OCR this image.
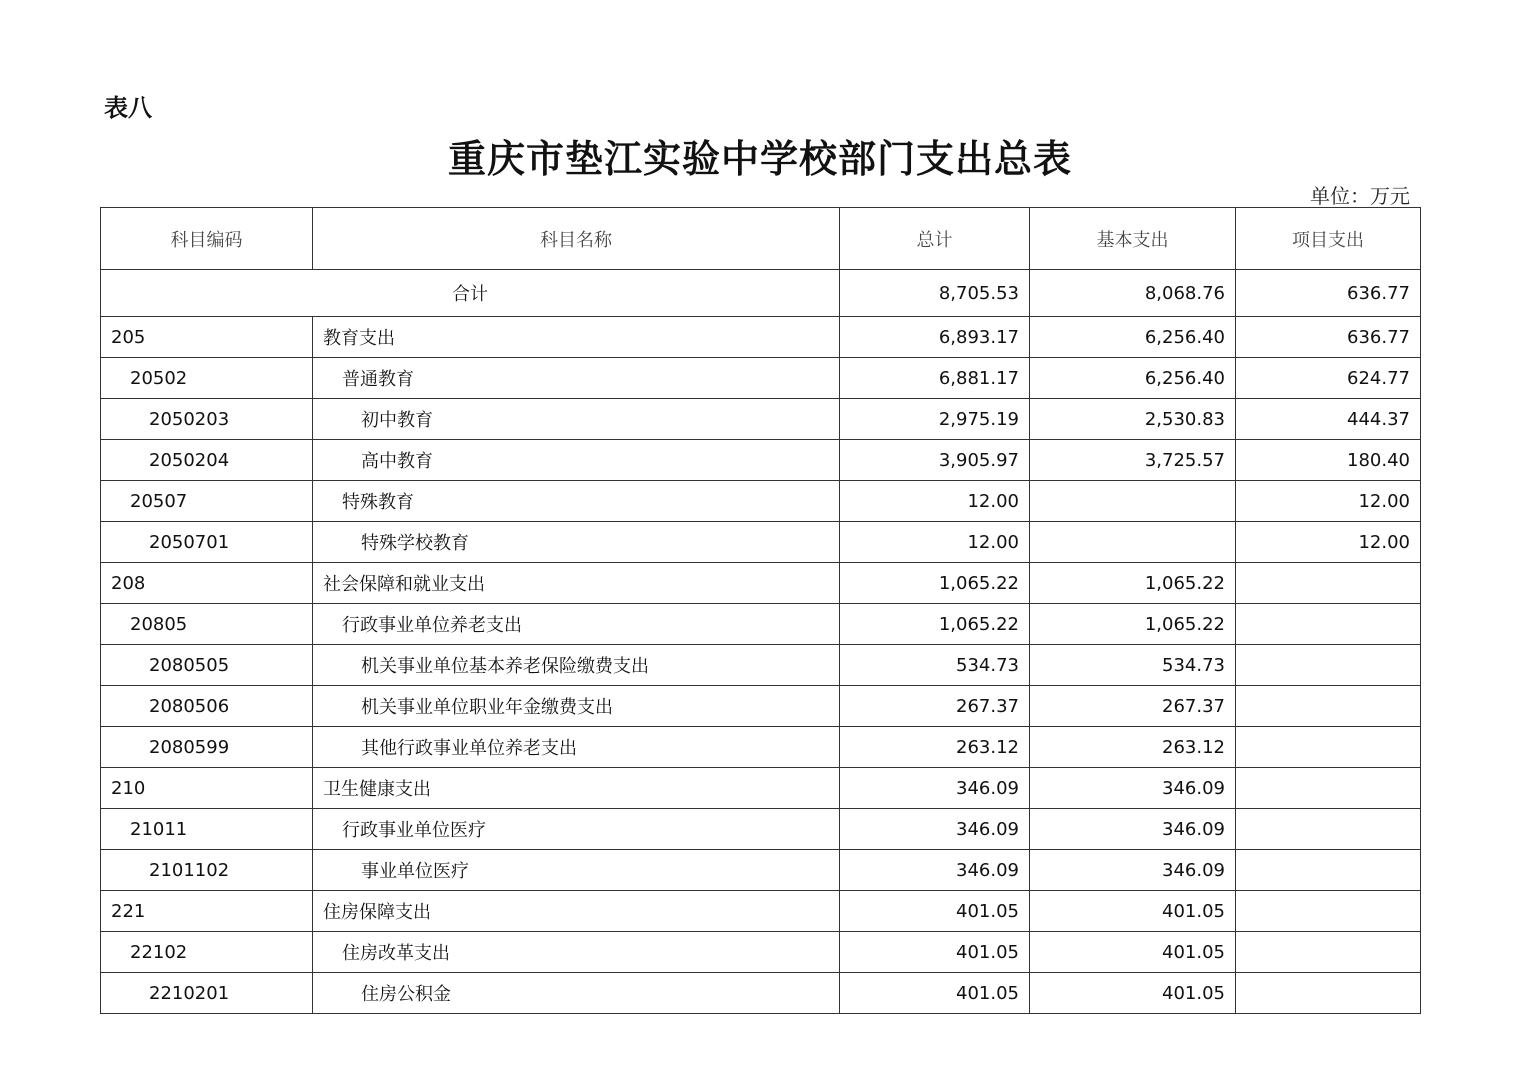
表八
重庆市垫江实验中学校部门支出总表
单位：万元
科目编码	科目名称	总计	基本支出	项目支出
合计		8,705.53	8,068.76	636.77
205	教育支出	6,893.17	6,256.40	636.77
20502	普通教育	6,881.17	6,256.40	624.77
2050203	初中教育	2,975.19	2,530.83	444.37
2050204	高中教育	3,905.97	3,725.57	180.40
20507	特殊教育	12.00		12.00
2050701	特殊学校教育	12.00		12.00
208	社会保障和就业支出	1,065.22	1,065.22	
20805	行政事业单位养老支出	1,065.22	1,065.22	
2080505	机关事业单位基本养老保险缴费支出	534.73	534.73	
2080506	机关事业单位职业年金缴费支出	267.37	267.37	
2080599	其他行政事业单位养老支出	263.12	263.12	
210	卫生健康支出	346.09	346.09	
21011	行政事业单位医疗	346.09	346.09	
2101102	事业单位医疗	346.09	346.09	
221	住房保障支出	401.05	401.05	
22102	住房改革支出	401.05	401.05	
2210201	住房公积金	401.05	401.05	
